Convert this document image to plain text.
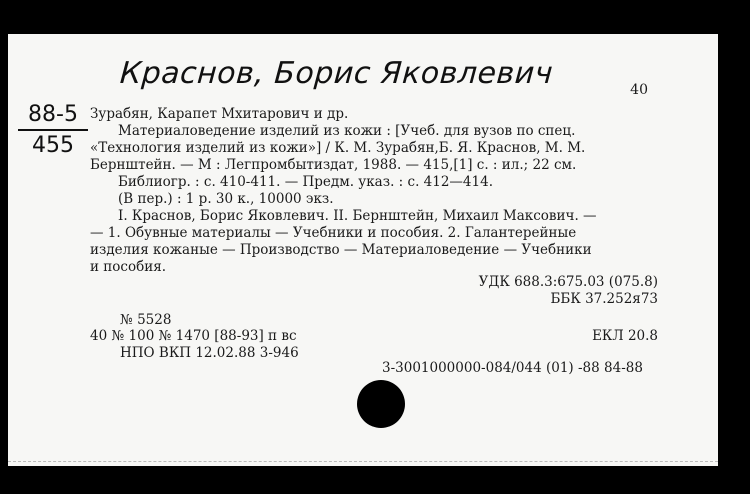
Краснов, Борис Яковлевич
88-5
455
40
Зурабян, Карапет Мхитарович и др.
Материаловедение изделий из кожи : [Учеб. для вузов по спец.
«Технология изделий из кожи»] / К. М. Зурабян,Б. Я. Краснов, М. М.
Бернштейн. — М : Легпромбытиздат, 1988. — 415,[1] с. : ил.; 22 см.
Библиогр. : с. 410-411. — Предм. указ. : с. 412—414.
(В пер.) : 1 р. 30 к., 10000 экз.
I. Краснов, Борис Яковлевич. II. Бернштейн, Михаил Максович. —
— 1. Обувные материалы — Учебники и пособия. 2. Галантерейные
изделия кожаные — Производство — Материаловедение — Учебники
и пособия.
УДК 688.3:675.03 (075.8)
ББК 37.252я73
№ 5528
40 № 100 № 1470 [88-93] п вс	ЕКЛ 20.8
НПО ВКП 12.02.88 3-946
3-3001000000-084/044 (01) -88 84-88
